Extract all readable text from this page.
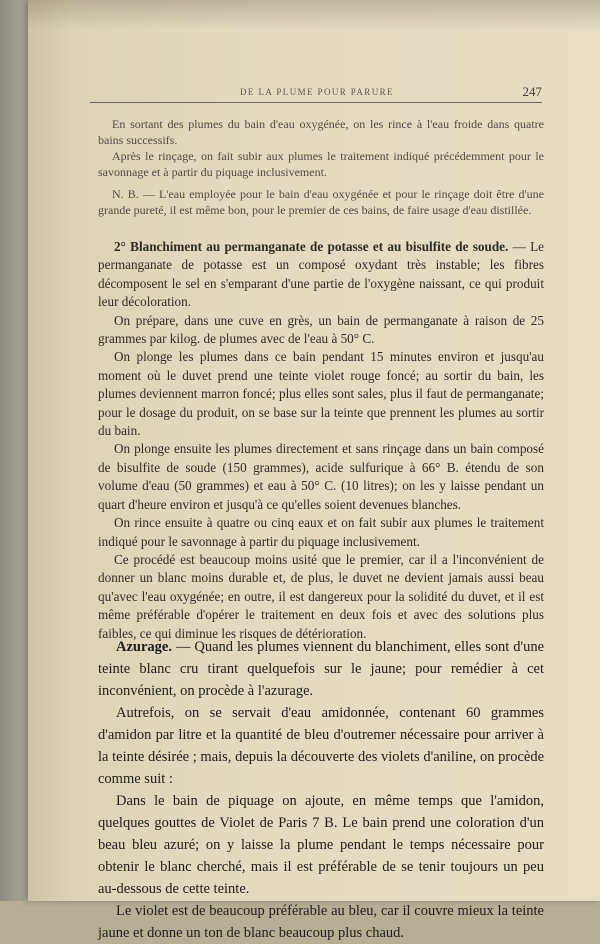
DE LA PLUME POUR PARURE	247

En sortant des plumes du bain d'eau oxygénée, on les rince à l'eau froide dans quatre bains successifs.

Après le rinçage, on fait subir aux plumes le traitement indiqué précédemment pour le savonnage et à partir du piquage inclusivement.

N. B. — L'eau employée pour le bain d'eau oxygénée et pour le rinçage doit être d'une grande pureté, il est même bon, pour le premier de ces bains, de faire usage d'eau distillée.

2° Blanchiment au permanganate de potasse et au bisulfite de soude. — Le permanganate de potasse est un composé oxydant très instable; les fibres décomposent le sel en s'emparant d'une partie de l'oxygène naissant, ce qui produit leur décoloration.

On prépare, dans une cuve en grès, un bain de permanganate à raison de 25 grammes par kilog. de plumes avec de l'eau à 50° C.

On plonge les plumes dans ce bain pendant 15 minutes environ et jusqu'au moment où le duvet prend une teinte violet rouge foncé; au sortir du bain, les plumes deviennent marron foncé; plus elles sont sales, plus il faut de permanganate; pour le dosage du produit, on se base sur la teinte que prennent les plumes au sortir du bain.

On plonge ensuite les plumes directement et sans rinçage dans un bain composé de bisulfite de soude (150 grammes), acide sulfurique à 66° B. étendu de son volume d'eau (50 grammes) et eau à 50° C. (10 litres); on les y laisse pendant un quart d'heure environ et jusqu'à ce qu'elles soient devenues blanches.

On rince ensuite à quatre ou cinq eaux et on fait subir aux plumes le traitement indiqué pour le savonnage à partir du piquage inclusivement.

Ce procédé est beaucoup moins usité que le premier, car il a l'inconvénient de donner un blanc moins durable et, de plus, le duvet ne devient jamais aussi beau qu'avec l'eau oxygénée; en outre, il est dangereux pour la solidité du duvet, et il est même préférable d'opérer le traitement en deux fois et avec des solutions plus faibles, ce qui diminue les risques de détérioration.

Azurage. — Quand les plumes viennent du blanchiment, elles sont d'une teinte blanc cru tirant quelquefois sur le jaune; pour remédier à cet inconvénient, on procède à l'azurage.

Autrefois, on se servait d'eau amidonnée, contenant 60 grammes d'amidon par litre et la quantité de bleu d'outremer nécessaire pour arriver à la teinte désirée ; mais, depuis la découverte des violets d'aniline, on procède comme suit :

Dans le bain de piquage on ajoute, en même temps que l'amidon, quelques gouttes de Violet de Paris 7 B. Le bain prend une coloration d'un beau bleu azuré; on y laisse la plume pendant le temps nécessaire pour obtenir le blanc cherché, mais il est préférable de se tenir toujours un peu au-dessous de cette teinte.

Le violet est de beaucoup préférable au bleu, car il couvre mieux la teinte jaune et donne un ton de blanc beaucoup plus chaud.
